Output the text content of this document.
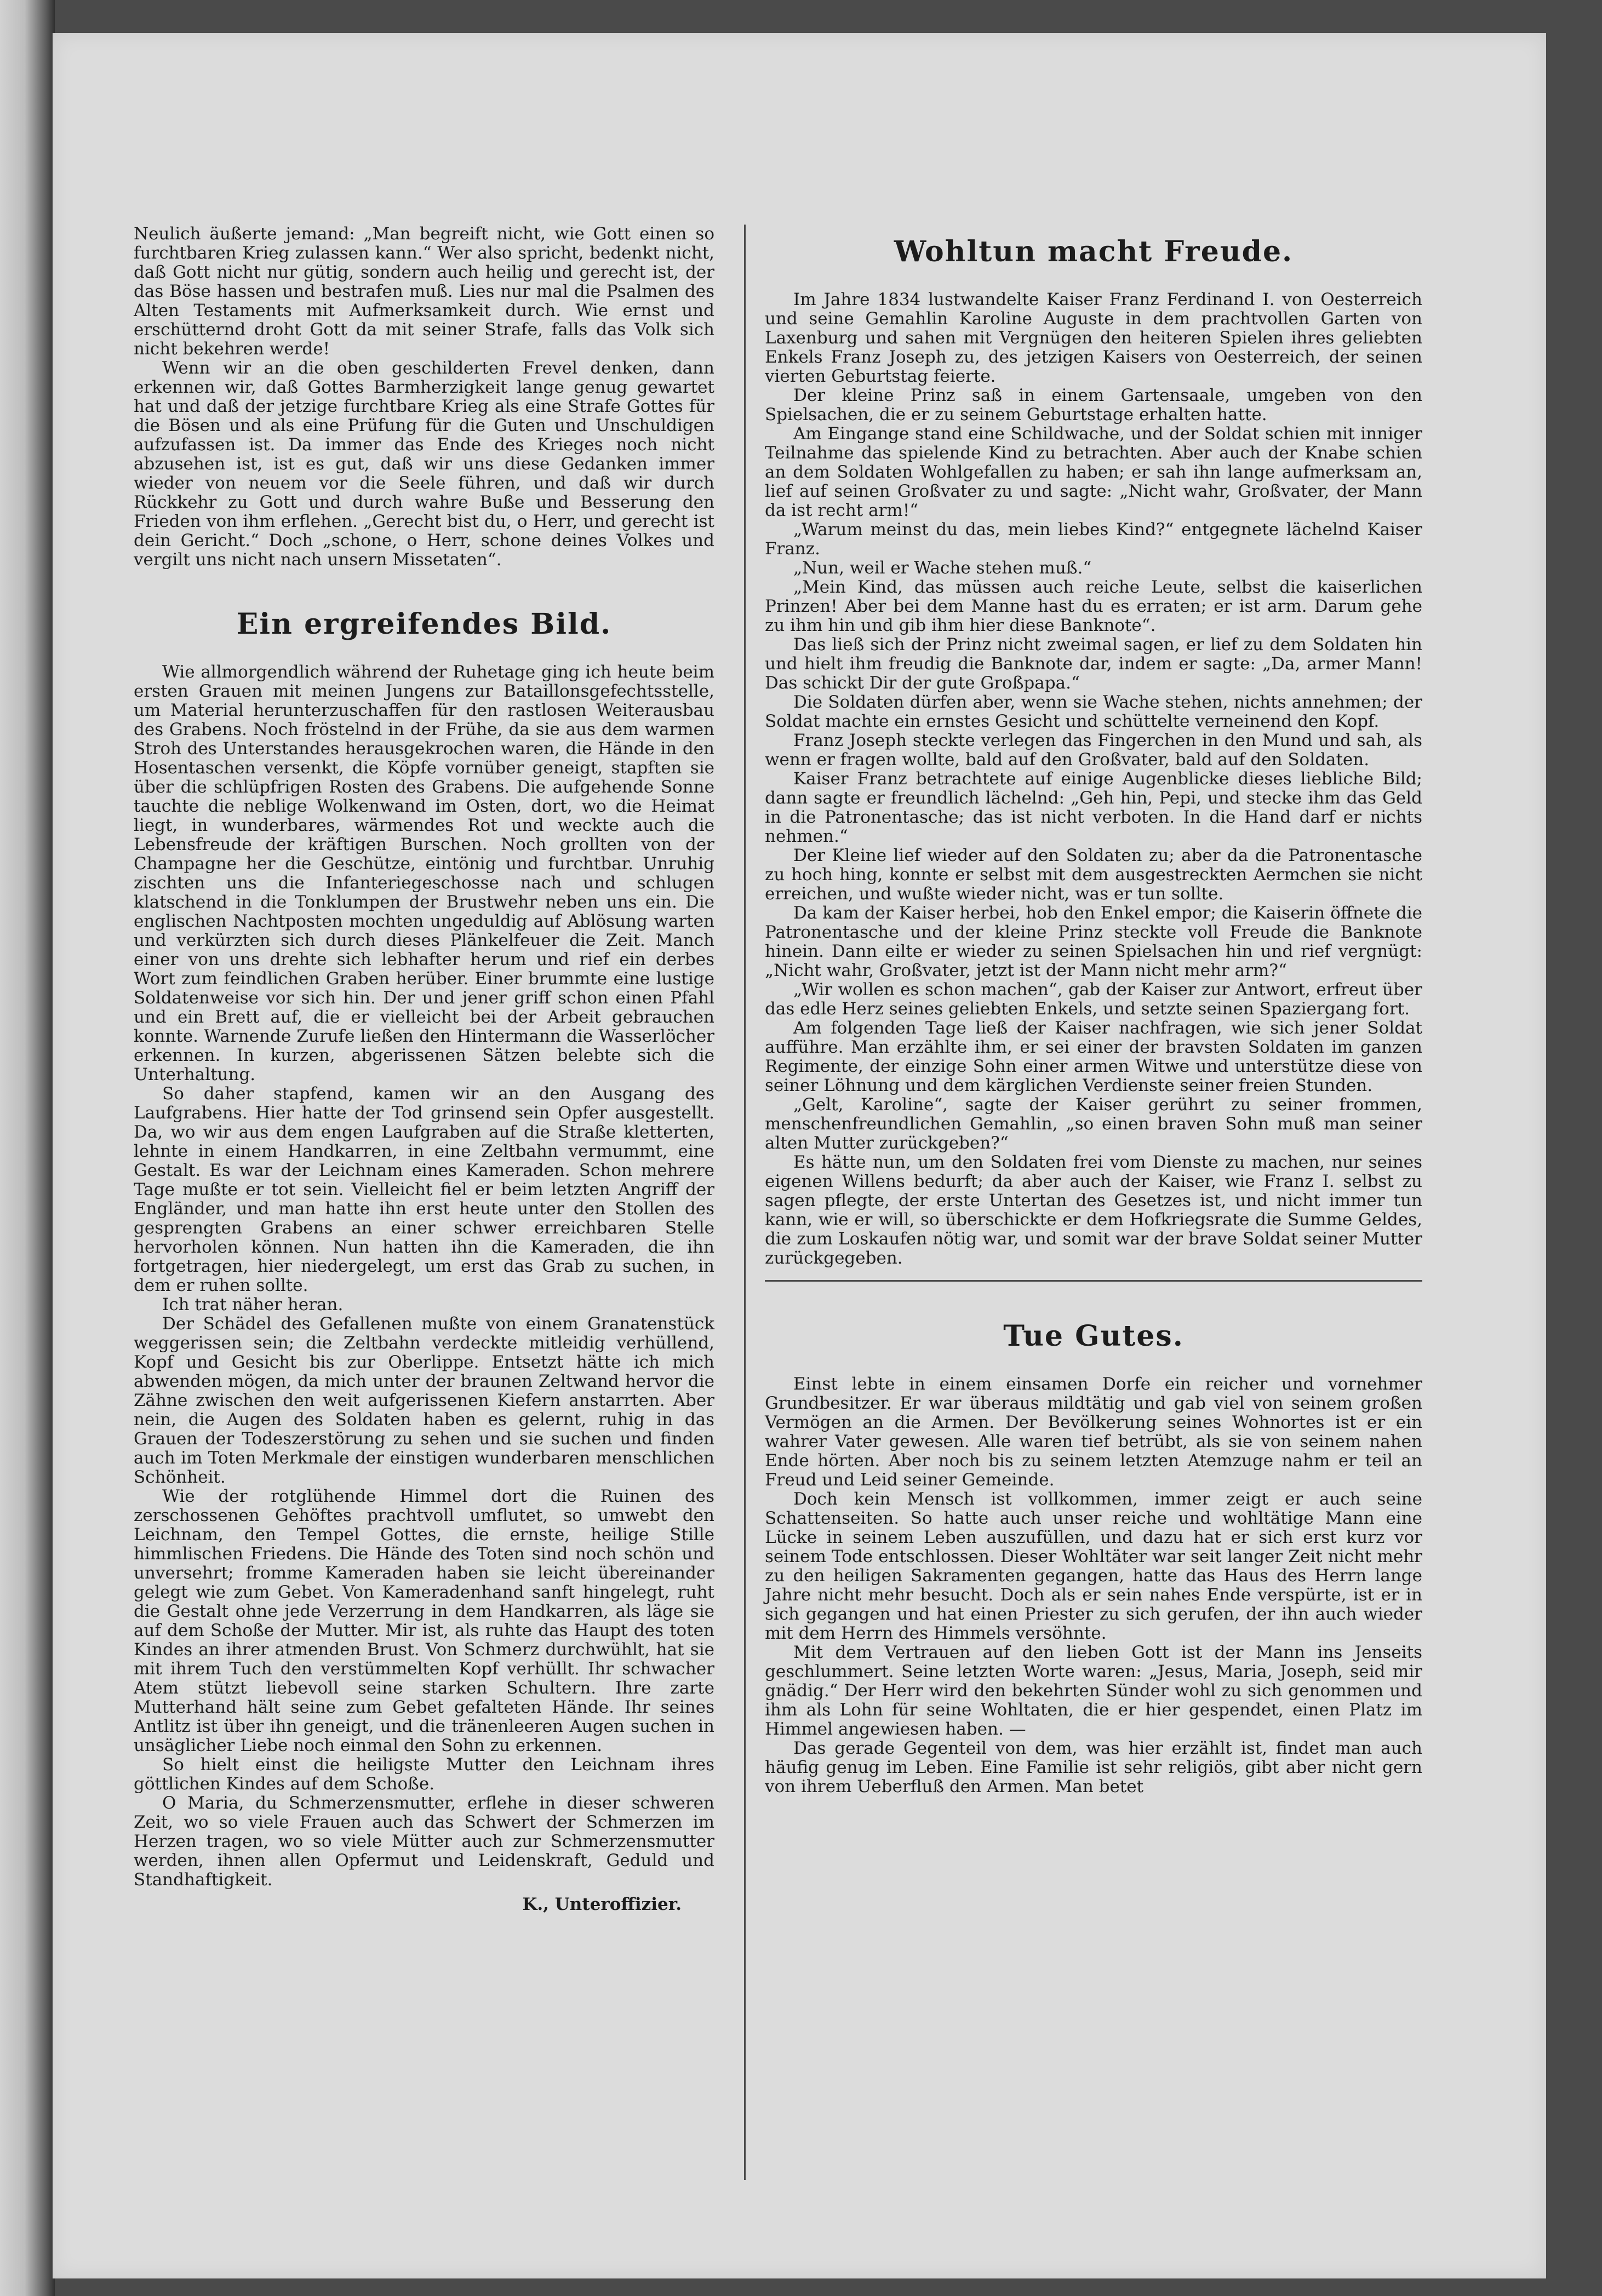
Neulich äußerte jemand: „Man begreift nicht, wie Gott einen so furchtbaren Krieg zulassen kann.“ Wer also spricht, bedenkt nicht, daß Gott nicht nur gütig, sondern auch heilig und gerecht ist, der das Böse hassen und bestrafen muß. Lies nur mal die Psalmen des Alten Testaments mit Aufmerksamkeit durch. Wie ernst und erschütternd droht Gott da mit seiner Strafe, falls das Volk sich nicht bekehren werde!

Wenn wir an die oben geschilderten Frevel denken, dann erkennen wir, daß Gottes Barmherzigkeit lange genug gewartet hat und daß der jetzige furchtbare Krieg als eine Strafe Gottes für die Bösen und als eine Prüfung für die Guten und Unschuldigen aufzufassen ist. Da immer das Ende des Krieges noch nicht abzusehen ist, ist es gut, daß wir uns diese Gedanken immer wieder von neuem vor die Seele führen, und daß wir durch Rückkehr zu Gott und durch wahre Buße und Besserung den Frieden von ihm erflehen. „Gerecht bist du, o Herr, und gerecht ist dein Gericht.“ Doch „schone, o Herr, schone deines Volkes und vergilt uns nicht nach unsern Missetaten“.

Ein ergreifendes Bild.

Wie allmorgendlich während der Ruhetage ging ich heute beim ersten Grauen mit meinen Jungens zur Bataillonsgefechtsstelle, um Material herunterzuschaffen für den rastlosen Weiterausbau des Grabens. Noch fröstelnd in der Frühe, da sie aus dem warmen Stroh des Unterstandes herausgekrochen waren, die Hände in den Hosentaschen versenkt, die Köpfe vornüber geneigt, stapften sie über die schlüpfrigen Rosten des Grabens. Die aufgehende Sonne tauchte die neblige Wolkenwand im Osten, dort, wo die Heimat liegt, in wunderbares, wärmendes Rot und weckte auch die Lebensfreude der kräftigen Burschen. Noch grollten von der Champagne her die Geschütze, eintönig und furchtbar. Unruhig zischten uns die Infanteriegeschosse nach und schlugen klatschend in die Tonklumpen der Brustwehr neben uns ein. Die englischen Nachtposten mochten ungeduldig auf Ablösung warten und verkürzten sich durch dieses Plänkelfeuer die Zeit. Manch einer von uns drehte sich lebhafter herum und rief ein derbes Wort zum feindlichen Graben herüber. Einer brummte eine lustige Soldatenweise vor sich hin. Der und jener griff schon einen Pfahl und ein Brett auf, die er vielleicht bei der Arbeit gebrauchen konnte. Warnende Zurufe ließen den Hintermann die Wasserlöcher erkennen. In kurzen, abgerissenen Sätzen belebte sich die Unterhaltung.

So daher stapfend, kamen wir an den Ausgang des Laufgrabens. Hier hatte der Tod grinsend sein Opfer ausgestellt. Da, wo wir aus dem engen Laufgraben auf die Straße kletterten, lehnte in einem Handkarren, in eine Zeltbahn vermummt, eine Gestalt. Es war der Leichnam eines Kameraden. Schon mehrere Tage mußte er tot sein. Vielleicht fiel er beim letzten Angriff der Engländer, und man hatte ihn erst heute unter den Stollen des gesprengten Grabens an einer schwer erreichbaren Stelle hervorholen können. Nun hatten ihn die Kameraden, die ihn fortgetragen, hier niedergelegt, um erst das Grab zu suchen, in dem er ruhen sollte.

Ich trat näher heran.

Der Schädel des Gefallenen mußte von einem Granatenstück weggerissen sein; die Zeltbahn verdeckte mitleidig verhüllend, Kopf und Gesicht bis zur Oberlippe. Entsetzt hätte ich mich abwenden mögen, da mich unter der braunen Zeltwand hervor die Zähne zwischen den weit aufgerissenen Kiefern anstarrten. Aber nein, die Augen des Soldaten haben es gelernt, ruhig in das Grauen der Todeszerstörung zu sehen und sie suchen und finden auch im Toten Merkmale der einstigen wunderbaren menschlichen Schönheit.

Wie der rotglühende Himmel dort die Ruinen des zerschossenen Gehöftes prachtvoll umflutet, so umwebt den Leichnam, den Tempel Gottes, die ernste, heilige Stille himmlischen Friedens. Die Hände des Toten sind noch schön und unversehrt; fromme Kameraden haben sie leicht übereinander gelegt wie zum Gebet. Von Kameradenhand sanft hingelegt, ruht die Gestalt ohne jede Verzerrung in dem Handkarren, als läge sie auf dem Schoße der Mutter. Mir ist, als ruhte das Haupt des toten Kindes an ihrer atmenden Brust. Von Schmerz durchwühlt, hat sie mit ihrem Tuch den verstümmelten Kopf verhüllt. Ihr schwacher Atem stützt liebevoll seine starken Schultern. Ihre zarte Mutterhand hält seine zum Gebet gefalteten Hände. Ihr seines Antlitz ist über ihn geneigt, und die tränenleeren Augen suchen in unsäglicher Liebe noch einmal den Sohn zu erkennen.

So hielt einst die heiligste Mutter den Leichnam ihres göttlichen Kindes auf dem Schoße.

O Maria, du Schmerzensmutter, erflehe in dieser schweren Zeit, wo so viele Frauen auch das Schwert der Schmerzen im Herzen tragen, wo so viele Mütter auch zur Schmerzensmutter werden, ihnen allen Opfermut und Leidenskraft, Geduld und Standhaftigkeit.

K., Unteroffizier.
Wohltun macht Freude.

Im Jahre 1834 lustwandelte Kaiser Franz Ferdinand I. von Oesterreich und seine Gemahlin Karoline Auguste in dem prachtvollen Garten von Laxenburg und sahen mit Vergnügen den heiteren Spielen ihres geliebten Enkels Franz Joseph zu, des jetzigen Kaisers von Oesterreich, der seinen vierten Geburtstag feierte.

Der kleine Prinz saß in einem Gartensaale, umgeben von den Spielsachen, die er zu seinem Geburtstage erhalten hatte.

Am Eingange stand eine Schildwache, und der Soldat schien mit inniger Teilnahme das spielende Kind zu betrachten. Aber auch der Knabe schien an dem Soldaten Wohlgefallen zu haben; er sah ihn lange aufmerksam an, lief auf seinen Großvater zu und sagte: „Nicht wahr, Großvater, der Mann da ist recht arm!“

„Warum meinst du das, mein liebes Kind?“ entgegnete lächelnd Kaiser Franz.

„Nun, weil er Wache stehen muß.“

„Mein Kind, das müssen auch reiche Leute, selbst die kaiserlichen Prinzen! Aber bei dem Manne hast du es erraten; er ist arm. Darum gehe zu ihm hin und gib ihm hier diese Banknote“.

Das ließ sich der Prinz nicht zweimal sagen, er lief zu dem Soldaten hin und hielt ihm freudig die Banknote dar, indem er sagte: „Da, armer Mann! Das schickt Dir der gute Großpapa.“

Die Soldaten dürfen aber, wenn sie Wache stehen, nichts annehmen; der Soldat machte ein ernstes Gesicht und schüttelte verneinend den Kopf.

Franz Joseph steckte verlegen das Fingerchen in den Mund und sah, als wenn er fragen wollte, bald auf den Großvater, bald auf den Soldaten.

Kaiser Franz betrachtete auf einige Augenblicke dieses liebliche Bild; dann sagte er freundlich lächelnd: „Geh hin, Pepi, und stecke ihm das Geld in die Patronentasche; das ist nicht verboten. In die Hand darf er nichts nehmen.“

Der Kleine lief wieder auf den Soldaten zu; aber da die Patronentasche zu hoch hing, konnte er selbst mit dem ausgestreckten Aermchen sie nicht erreichen, und wußte wieder nicht, was er tun sollte.

Da kam der Kaiser herbei, hob den Enkel empor; die Kaiserin öffnete die Patronentasche und der kleine Prinz steckte voll Freude die Banknote hinein. Dann eilte er wieder zu seinen Spielsachen hin und rief vergnügt: „Nicht wahr, Großvater, jetzt ist der Mann nicht mehr arm?“

„Wir wollen es schon machen“, gab der Kaiser zur Antwort, erfreut über das edle Herz seines geliebten Enkels, und setzte seinen Spaziergang fort.

Am folgenden Tage ließ der Kaiser nachfragen, wie sich jener Soldat aufführe. Man erzählte ihm, er sei einer der bravsten Soldaten im ganzen Regimente, der einzige Sohn einer armen Witwe und unterstütze diese von seiner Löhnung und dem kärglichen Verdienste seiner freien Stunden.

„Gelt, Karoline“, sagte der Kaiser gerührt zu seiner frommen, menschenfreundlichen Gemahlin, „so einen braven Sohn muß man seiner alten Mutter zurückgeben?“

Es hätte nun, um den Soldaten frei vom Dienste zu machen, nur seines eigenen Willens bedurft; da aber auch der Kaiser, wie Franz I. selbst zu sagen pflegte, der erste Untertan des Gesetzes ist, und nicht immer tun kann, wie er will, so überschickte er dem Hofkriegsrate die Summe Geldes, die zum Loskaufen nötig war, und somit war der brave Soldat seiner Mutter zurückgegeben.

Tue Gutes.

Einst lebte in einem einsamen Dorfe ein reicher und vornehmer Grundbesitzer. Er war überaus mildtätig und gab viel von seinem großen Vermögen an die Armen. Der Bevölkerung seines Wohnortes ist er ein wahrer Vater gewesen. Alle waren tief betrübt, als sie von seinem nahen Ende hörten. Aber noch bis zu seinem letzten Atemzuge nahm er teil an Freud und Leid seiner Gemeinde.

Doch kein Mensch ist vollkommen, immer zeigt er auch seine Schattenseiten. So hatte auch unser reiche und wohltätige Mann eine Lücke in seinem Leben auszufüllen, und dazu hat er sich erst kurz vor seinem Tode entschlossen. Dieser Wohltäter war seit langer Zeit nicht mehr zu den heiligen Sakramenten gegangen, hatte das Haus des Herrn lange Jahre nicht mehr besucht. Doch als er sein nahes Ende verspürte, ist er in sich gegangen und hat einen Priester zu sich gerufen, der ihn auch wieder mit dem Herrn des Himmels versöhnte.

Mit dem Vertrauen auf den lieben Gott ist der Mann ins Jenseits geschlummert. Seine letzten Worte waren: „Jesus, Maria, Joseph, seid mir gnädig.“ Der Herr wird den bekehrten Sünder wohl zu sich genommen und ihm als Lohn für seine Wohltaten, die er hier gespendet, einen Platz im Himmel angewiesen haben. —

Das gerade Gegenteil von dem, was hier erzählt ist, findet man auch häufig genug im Leben. Eine Familie ist sehr religiös, gibt aber nicht gern von ihrem Ueberfluß den Armen. Man betet
